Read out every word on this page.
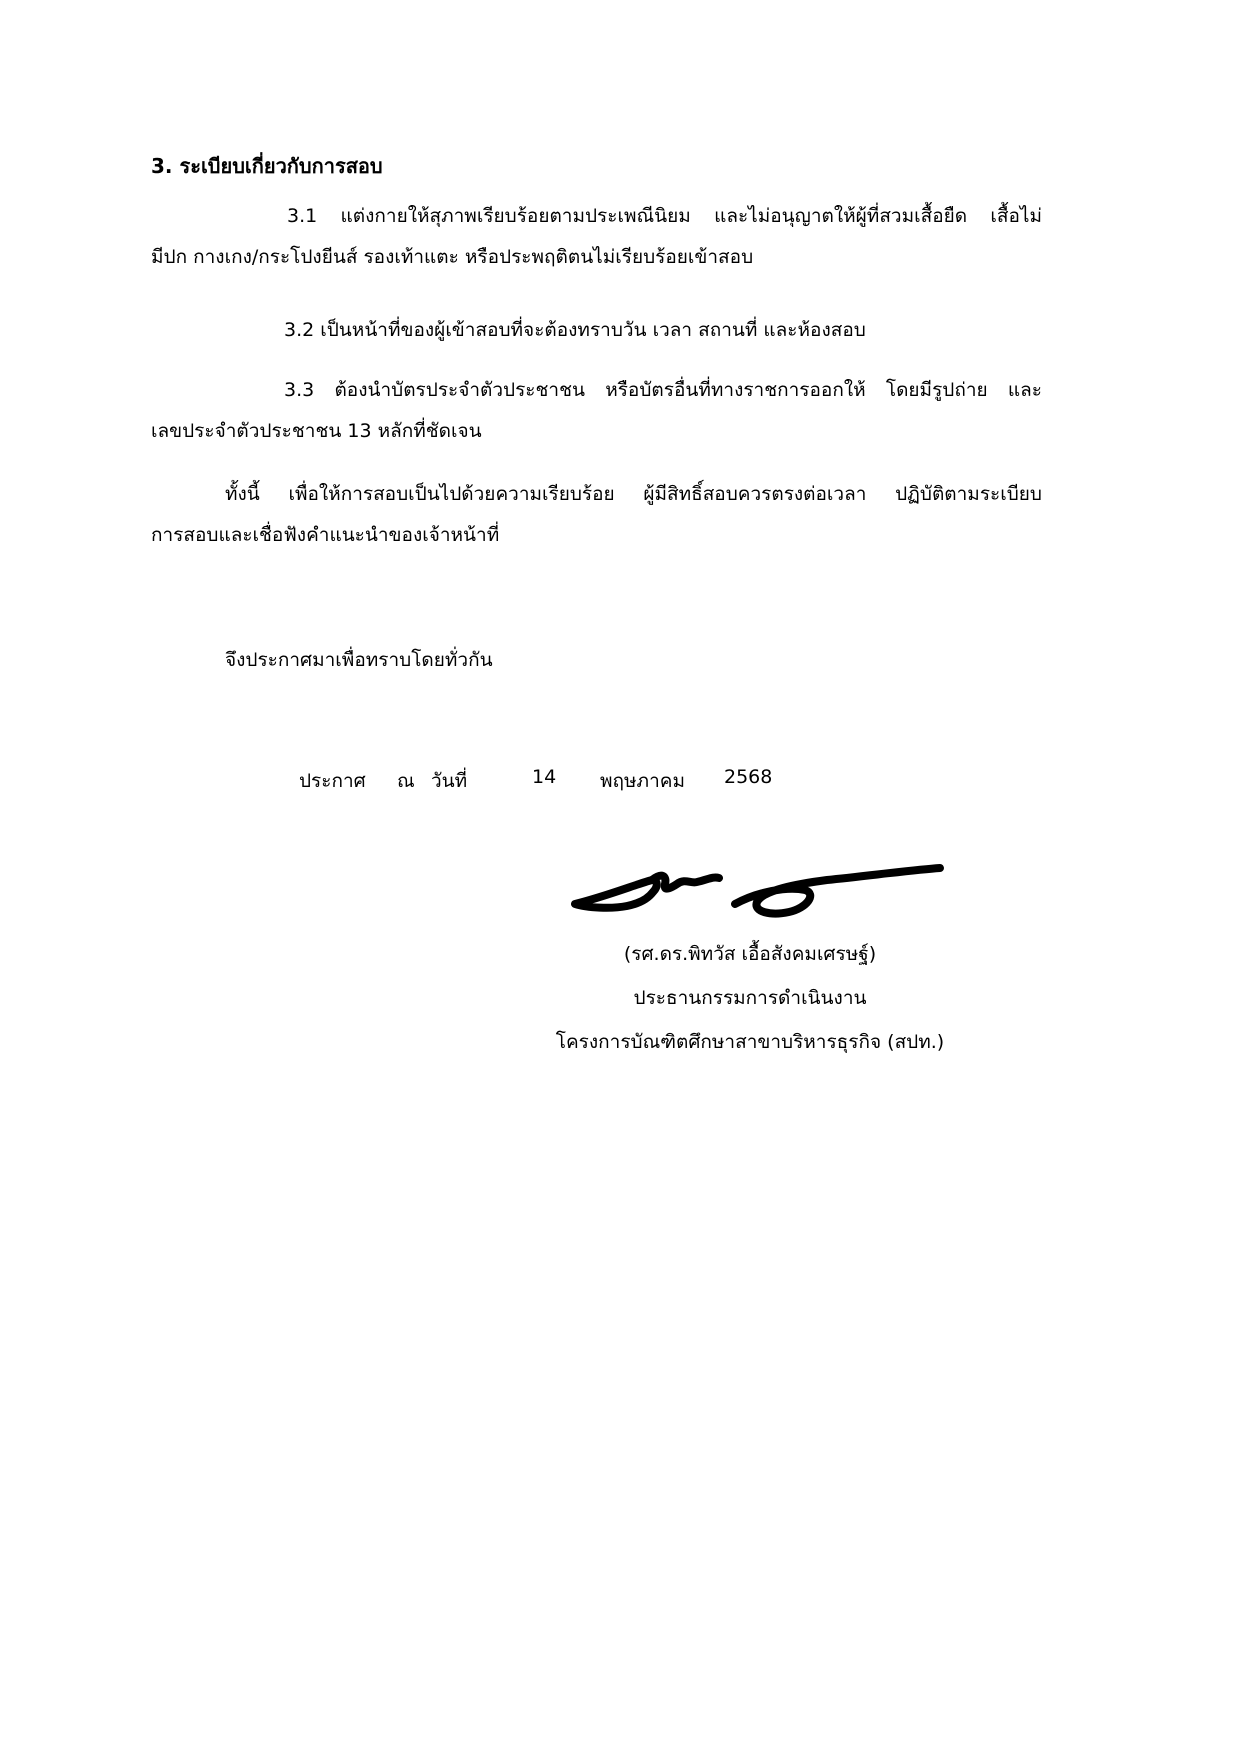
3. ระเบียบเกี่ยวกับการสอบ
3.1 แต่งกายให้สุภาพเรียบร้อยตามประเพณีนิยม และไม่อนุญาตให้ผู้ที่สวมเสื้อยืด เสื้อไม่
มีปก กางเกง/กระโปงยีนส์ รองเท้าแตะ หรือประพฤติตนไม่เรียบร้อยเข้าสอบ
3.2 เป็นหน้าที่ของผู้เข้าสอบที่จะต้องทราบวัน เวลา สถานที่ และห้องสอบ
3.3 ต้องนำบัตรประจำตัวประชาชน หรือบัตรอื่นที่ทางราชการออกให้ โดยมีรูปถ่าย และ
เลขประจำตัวประชาชน 13 หลักที่ชัดเจน
ทั้งนี้ เพื่อให้การสอบเป็นไปด้วยความเรียบร้อย ผู้มีสิทธิ์สอบควรตรงต่อเวลา ปฏิบัติตามระเบียบ
การสอบและเชื่อฟังคำแนะนำของเจ้าหน้าที่
จึงประกาศมาเพื่อทราบโดยทั่วกัน
ประกาศ ณ วันที่	14 พฤษภาคม 2568
(รศ.ดร.พิทวัส เอื้อสังคมเศรษฐ์)
ประธานกรรมการดำเนินงาน
โครงการบัณฑิตศึกษาสาขาบริหารธุรกิจ (สปท.)
